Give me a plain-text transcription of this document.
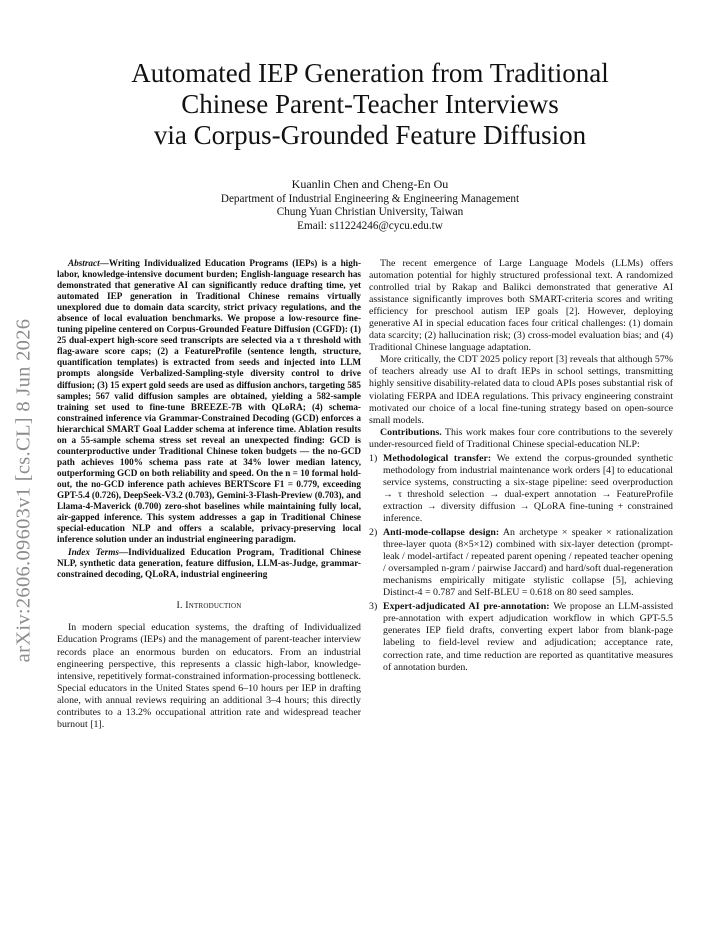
arXiv:2606.09603v1 [cs.CL] 8 Jun 2026
Automated IEP Generation from Traditional
Chinese Parent-Teacher Interviews
via Corpus-Grounded Feature Diffusion
Kuanlin Chen and Cheng-En Ou
Department of Industrial Engineering & Engineering Management
Chung Yuan Christian University, Taiwan
Email: s11224246@cycu.edu.tw

Abstract—Writing Individualized Education Programs (IEPs) is a high-labor, knowledge-intensive document burden; English-language research has demonstrated that generative AI can significantly reduce drafting time, yet automated IEP generation in Traditional Chinese remains virtually unexplored due to domain data scarcity, strict privacy regulations, and the absence of local evaluation benchmarks. We propose a low-resource fine-tuning pipeline centered on Corpus-Grounded Feature Diffusion (CGFD): (1) 25 dual-expert high-score seed transcripts are selected via a τ threshold with flag-aware score caps; (2) a FeatureProfile (sentence length, structure, quantification templates) is extracted from seeds and injected into LLM prompts alongside Verbalized-Sampling-style diversity control to drive diffusion; (3) 15 expert gold seeds are used as diffusion anchors, targeting 585 samples; 567 valid diffusion samples are obtained, yielding a 582-sample training set used to fine-tune BREEZE-7B with QLoRA; (4) schema-constrained inference via Grammar-Constrained Decoding (GCD) enforces a hierarchical SMART Goal Ladder schema at inference time. Ablation results on a 55-sample schema stress set reveal an unexpected finding: GCD is counterproductive under Traditional Chinese token budgets — the no-GCD path achieves 100% schema pass rate at 34% lower median latency, outperforming GCD on both reliability and speed. On the n = 10 formal hold-out, the no-GCD inference path achieves BERTScore F1 = 0.779, exceeding GPT-5.4 (0.726), DeepSeek-V3.2 (0.703), Gemini-3-Flash-Preview (0.703), and Llama-4-Maverick (0.700) zero-shot baselines while maintaining fully local, air-gapped inference. This system addresses a gap in Traditional Chinese special-education NLP and offers a scalable, privacy-preserving local inference solution under an industrial engineering paradigm.

Index Terms—Individualized Education Program, Traditional Chinese NLP, synthetic data generation, feature diffusion, LLM-as-Judge, grammar-constrained decoding, QLoRA, industrial engineering

I. Introduction

In modern special education systems, the drafting of Individualized Education Programs (IEPs) and the management of parent-teacher interview records place an enormous burden on educators. From an industrial engineering perspective, this represents a classic high-labor, knowledge-intensive, repetitively format-constrained information-processing bottleneck. Special educators in the United States spend 6–10 hours per IEP in drafting alone, with annual reviews requiring an additional 3–4 hours; this directly contributes to a 13.2% occupational attrition rate and widespread teacher burnout [1].

The recent emergence of Large Language Models (LLMs) offers automation potential for highly structured professional text. A randomized controlled trial by Rakap and Balikci demonstrated that generative AI assistance significantly improves both SMART-criteria scores and writing efficiency for preschool autism IEP goals [2]. However, deploying generative AI in special education faces four critical challenges: (1) domain data scarcity; (2) hallucination risk; (3) cross-model evaluation bias; and (4) Traditional Chinese language adaptation.

More critically, the CDT 2025 policy report [3] reveals that although 57% of teachers already use AI to draft IEPs in school settings, transmitting highly sensitive disability-related data to cloud APIs poses substantial risk of violating FERPA and IDEA regulations. This privacy engineering constraint motivated our choice of a local fine-tuning strategy based on open-source small models.

Contributions. This work makes four core contributions to the severely under-resourced field of Traditional Chinese special-education NLP:

1) Methodological transfer: We extend the corpus-grounded synthetic methodology from industrial maintenance work orders [4] to educational service systems, constructing a six-stage pipeline: seed overproduction → τ threshold selection → dual-expert annotation → FeatureProfile extraction → diversity diffusion → QLoRA fine-tuning + constrained inference.
2) Anti-mode-collapse design: An archetype × speaker × rationalization three-layer quota (8×5×12) combined with six-layer detection (prompt-leak / model-artifact / repeated parent opening / repeated teacher opening / oversampled n-gram / pairwise Jaccard) and hard/soft dual-regeneration mechanisms empirically mitigate stylistic collapse [5], achieving Distinct-4 = 0.787 and Self-BLEU = 0.618 on 80 seed samples.
3) Expert-adjudicated AI pre-annotation: We propose an LLM-assisted pre-annotation with expert adjudication workflow in which GPT-5.5 generates IEP field drafts, converting expert labor from blank-page labeling to field-level review and adjudication; acceptance rate, correction rate, and time reduction are reported as quantitative measures of annotation burden.
